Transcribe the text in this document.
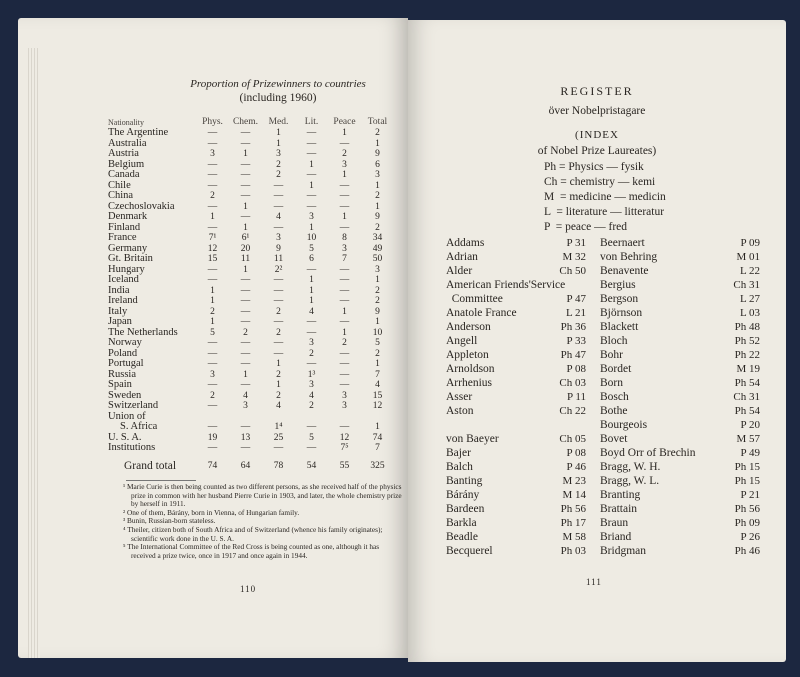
Proportion of Prizewinners to countries
(including 1960)
Nationality	Phys.	Chem.	Med.	Lit.	Peace	Total
The Argentine	—	—	1	—	1	2
Australia	—	—	1	—	—	1
Austria	3	1	3	—	2	9
Belgium	—	—	2	1	3	6
Canada	—	—	2	—	1	3
Chile	—	—	—	1	—	1
China	2	—	—	—	—	2
Czechoslovakia	—	1	—	—	—	1
Denmark	1	—	4	3	1	9
Finland	—	1	—	1	—	2
France	7¹	6¹	3	10	8	34
Germany	12	20	9	5	3	49
Gt. Britain	15	11	11	6	7	50
Hungary	—	1	2²	—	—	3
Iceland	—	—	—	1	—	1
India	1	—	—	1	—	2
Ireland	1	—	—	1	—	2
Italy	2	—	2	4	1	9
Japan	1	—	—	—	—	1
The Netherlands	5	2	2	—	1	10
Norway	—	—	—	3	2	5
Poland	—	—	—	2	—	2
Portugal	—	—	1	—	—	1
Russia	3	1	2	1³	—	7
Spain	—	—	1	3	—	4
Sweden	2	4	2	4	3	15
Switzerland	—	3	4	2	3	12
Union of
S. Africa	—	—	1⁴	—	—	1
U. S. A.	19	13	25	5	12	74
Institutions	—	—	—	—	7⁵	7
Grand total	74	64	78	54	55	325
¹ Marie Curie is then being counted as two different persons, as she received half of the physics prize in common with her husband Pierre Curie in 1903, and later, the whole chemistry prize by herself in 1911.
² One of them, Bárány, born in Vienna, of Hungarian family.
³ Bunin, Russian-born stateless.
⁴ Theiler, citizen both of South Africa and of Switzerland (whence his family originates); scientific work done in the U. S. A.
⁵ The International Committee of the Red Cross is being counted as one, although it has received a prize twice, once in 1917 and once again in 1944.
110
REGISTER
över Nobelpristagare
(INDEX
of Nobel Prize Laureates)
Ph = Physics — fysik
Ch = chemistry — kemi
M  = medicine — medicin
L  = literature — litteratur
P  = peace — fred
Addams	P 31 Beernaert	P 09
Adrian	M 32 von Behring	M 01
Alder	Ch 50 Benavente	L 22
American Friends'Service	Bergius	Ch 31
Committee	P 47 Bergson	L 27
Anatole France	L 21 Björnson	L 03
Anderson	Ph 36 Blackett	Ph 48
Angell	P 33 Bloch	Ph 52
Appleton	Ph 47 Bohr	Ph 22
Arnoldson	P 08 Bordet	M 19
Arrhenius	Ch 03 Born	Ph 54
Asser	P 11 Bosch	Ch 31
Aston	Ch 22 Bothe	Ph 54
Bourgeois	P 20
von Baeyer	Ch 05 Bovet	M 57
Bajer	P 08 Boyd Orr of Brechin	P 49
Balch	P 46 Bragg, W. H.	Ph 15
Banting	M 23 Bragg, W. L.	Ph 15
Bárány	M 14 Branting	P 21
Bardeen	Ph 56 Brattain	Ph 56
Barkla	Ph 17 Braun	Ph 09
Beadle	M 58 Briand	P 26
Becquerel	Ph 03 Bridgman	Ph 46
111
